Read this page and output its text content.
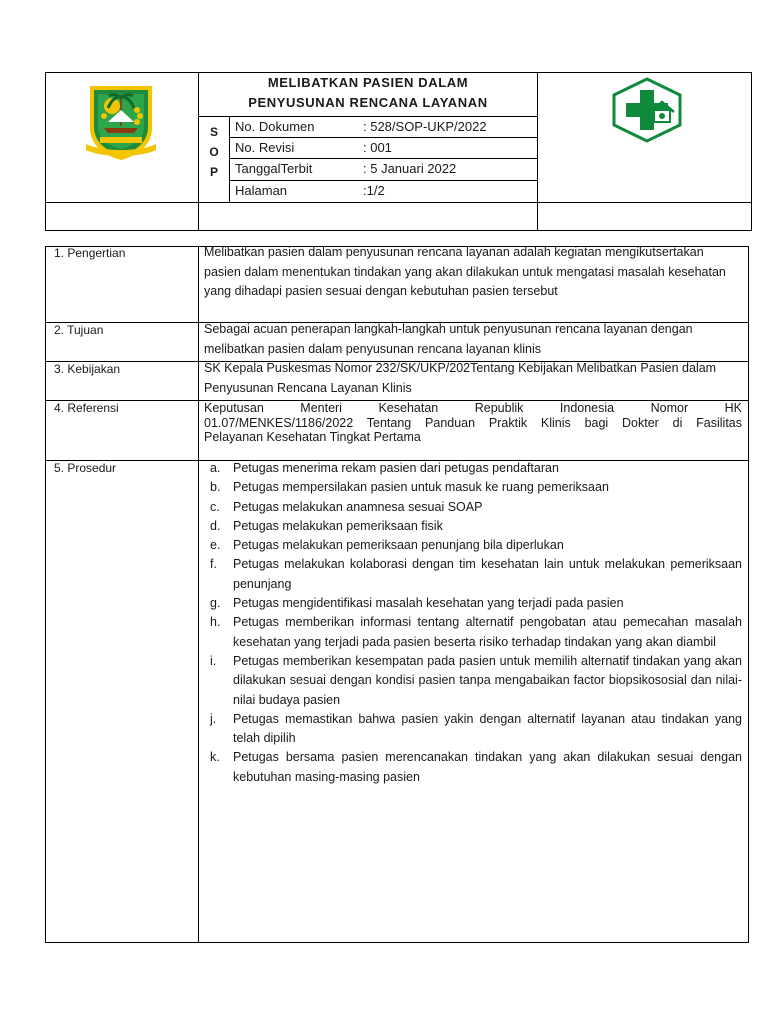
MELIBATKAN PASIEN DALAM
PENYUSUNAN RENCANA LAYANAN
S
O
P
No. Dokumen	: 528/SOP-UKP/2022
No. Revisi	: 001
TanggalTerbit	: 5 Januari 2022
Halaman	:1/2
1. Pengertian	Melibatkan pasien dalam penyusunan rencana layanan adalah kegiatan mengikutsertakan pasien dalam menentukan tindakan yang akan dilakukan untuk mengatasi masalah kesehatan yang dihadapi pasien sesuai dengan kebutuhan pasien tersebut
2. Tujuan	Sebagai acuan penerapan langkah-langkah untuk penyusunan rencana layanan dengan melibatkan pasien dalam penyusunan rencana layanan klinis
3. Kebijakan	SK Kepala Puskesmas Nomor 232/SK/UKP/202Tentang Kebijakan Melibatkan Pasien dalam Penyusunan Rencana Layanan Klinis
4. Referensi	Keputusan Menteri Kesehatan Republik Indonesia Nomor HK
01.07/MENKES/1186/2022 Tentang Panduan Praktik Klinis bagi Dokter di Fasilitas
Pelayanan Kesehatan Tingkat Pertama
5. Prosedur	a. Petugas menerima rekam pasien dari petugas pendaftaran
b. Petugas mempersilakan pasien untuk masuk ke ruang pemeriksaan
c. Petugas melakukan anamnesa sesuai SOAP
d. Petugas melakukan pemeriksaan fisik
e. Petugas melakukan pemeriksaan penunjang bila diperlukan
f. Petugas melakukan kolaborasi dengan tim kesehatan lain untuk melakukan pemeriksaan penunjang
g. Petugas mengidentifikasi masalah kesehatan yang terjadi pada pasien
h. Petugas memberikan informasi tentang alternatif pengobatan atau pemecahan masalah kesehatan yang terjadi pada pasien beserta risiko terhadap tindakan yang akan diambil
i. Petugas memberikan kesempatan pada pasien untuk memilih alternatif tindakan yang akan dilakukan sesuai dengan kondisi pasien tanpa mengabaikan factor biopsikososial dan nilai-nilai budaya pasien
j. Petugas memastikan bahwa pasien yakin dengan alternatif layanan atau tindakan yang telah dipilih
k. Petugas bersama pasien merencanakan tindakan yang akan dilakukan sesuai dengan kebutuhan masing-masing pasien
